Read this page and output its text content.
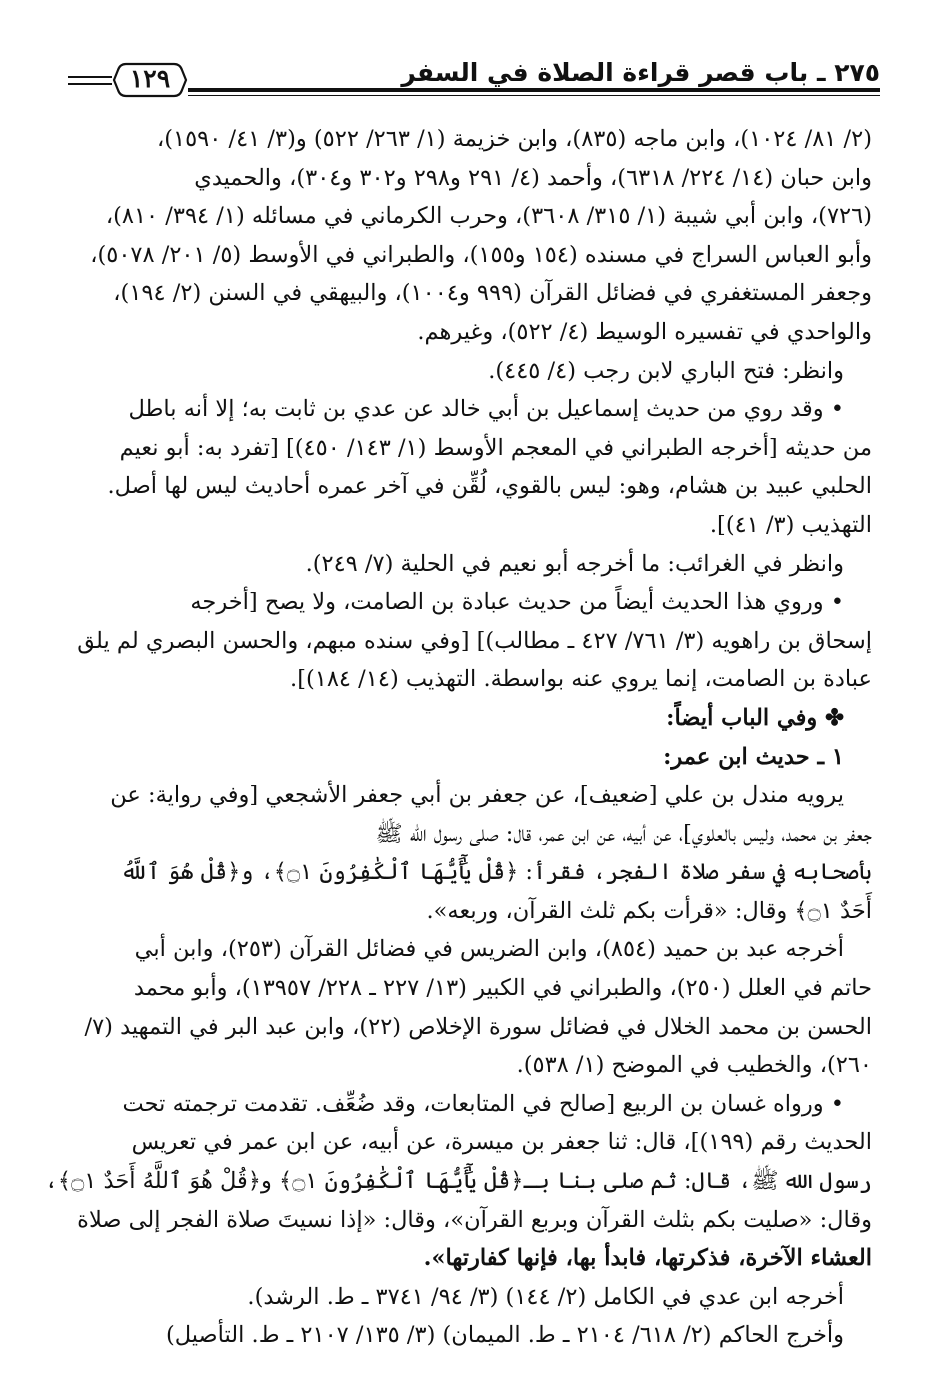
٢٧٥ ـ باب قصر قراءة الصلاة في السفر
١٢٩
(٢/ ٨١/ ١٠٢٤)، وابن ماجه (٨٣٥)، وابن خزيمة (١/ ٢٦٣/ ٥٢٢) و(٣/ ٤١/ ١٥٩٠)،
وابن حبان (١٤/ ٢٢٤/ ٦٣١٨)، وأحمد (٤/ ٢٩١ و٢٩٨ و٣٠٢ و٣٠٤)، والحميدي
(٧٢٦)، وابن أبي شيبة (١/ ٣١٥/ ٣٦٠٨)، وحرب الكرماني في مسائله (١/ ٣٩٤/ ٨١٠)،
وأبو العباس السراج في مسنده (١٥٤ و١٥٥)، والطبراني في الأوسط (٥/ ٢٠١/ ٥٠٧٨)،
وجعفر المستغفري في فضائل القرآن (٩٩٩ و١٠٠٤)، والبيهقي في السنن (٢/ ١٩٤)،
والواحدي في تفسيره الوسيط (٤/ ٥٢٢)، وغيرهم.
وانظر: فتح الباري لابن رجب (٤/ ٤٤٥).
• وقد روي من حديث إسماعيل بن أبي خالد عن عدي بن ثابت به؛ إلا أنه باطل
من حديثه [أخرجه الطبراني في المعجم الأوسط (١/ ١٤٣/ ٤٥٠)] [تفرد به: أبو نعيم
الحلبي عبيد بن هشام، وهو: ليس بالقوي، لُقِّن في آخر عمره أحاديث ليس لها أصل.
التهذيب (٣/ ٤١)].
وانظر في الغرائب: ما أخرجه أبو نعيم في الحلية (٧/ ٢٤٩).
• وروي هذا الحديث أيضاً من حديث عبادة بن الصامت، ولا يصح [أخرجه
إسحاق بن راهويه (٣/ ٧٦١/ ٤٢٧ ـ مطالب)] [وفي سنده مبهم، والحسن البصري لم يلق
عبادة بن الصامت، إنما يروي عنه بواسطة. التهذيب (١٤/ ١٨٤)].
✤ وفي الباب أيضاً:
١ ـ حديث ابن عمر:
يرويه مندل بن علي [ضعيف]، عن جعفر بن أبي جعفر الأشجعي [وفي رواية: عن
جعفر بن محمد، وليس بالعلوي]، عن أبيه، عن ابن عمر، قال: صلى رسول الله ﷺ
بأصحابه في سفر صلاة الفجر، فقرأ: ﴿قُلْ يَٰٓأَيُّهَا ٱلْكَٰفِرُونَ ۝١﴾، و﴿قُلْ هُوَ ٱللَّهُ
أَحَدٌ ۝١﴾ وقال: «قرأت بكم ثلث القرآن، وربعه».
أخرجه عبد بن حميد (٨٥٤)، وابن الضريس في فضائل القرآن (٢٥٣)، وابن أبي
حاتم في العلل (٢٥٠)، والطبراني في الكبير (١٣/ ٢٢٧ ـ ٢٢٨/ ١٣٩٥٧)، وأبو محمد
الحسن بن محمد الخلال في فضائل سورة الإخلاص (٢٢)، وابن عبد البر في التمهيد (٧/
٢٦٠)، والخطيب في الموضح (١/ ٥٣٨).
• ورواه غسان بن الربيع [صالح في المتابعات، وقد ضُعِّف. تقدمت ترجمته تحت
الحديث رقم (١٩٩)]، قال: ثنا جعفر بن ميسرة، عن أبيه، عن ابن عمر في تعريس
رسول الله ﷺ، قال: ثم صلى بنا بـ﴿قُلْ يَٰٓأَيُّهَا ٱلْكَٰفِرُونَ ۝١﴾ و﴿قُلْ هُوَ ٱللَّهُ أَحَدٌ ۝١﴾،
وقال: «صليت بكم بثلث القرآن وبربع القرآن»، وقال: «إذا نسيتَ صلاة الفجر إلى صلاة
العشاء الآخرة، فذكرتها، فابدأ بها، فإنها كفارتها».
أخرجه ابن عدي في الكامل (٢/ ١٤٤) (٣/ ٩٤/ ٣٧٤١ ـ ط. الرشد).
وأخرج الحاكم (٢/ ٦١٨/ ٢١٠٤ ـ ط. الميمان) (٣/ ١٣٥/ ٢١٠٧ ـ ط. التأصيل)
